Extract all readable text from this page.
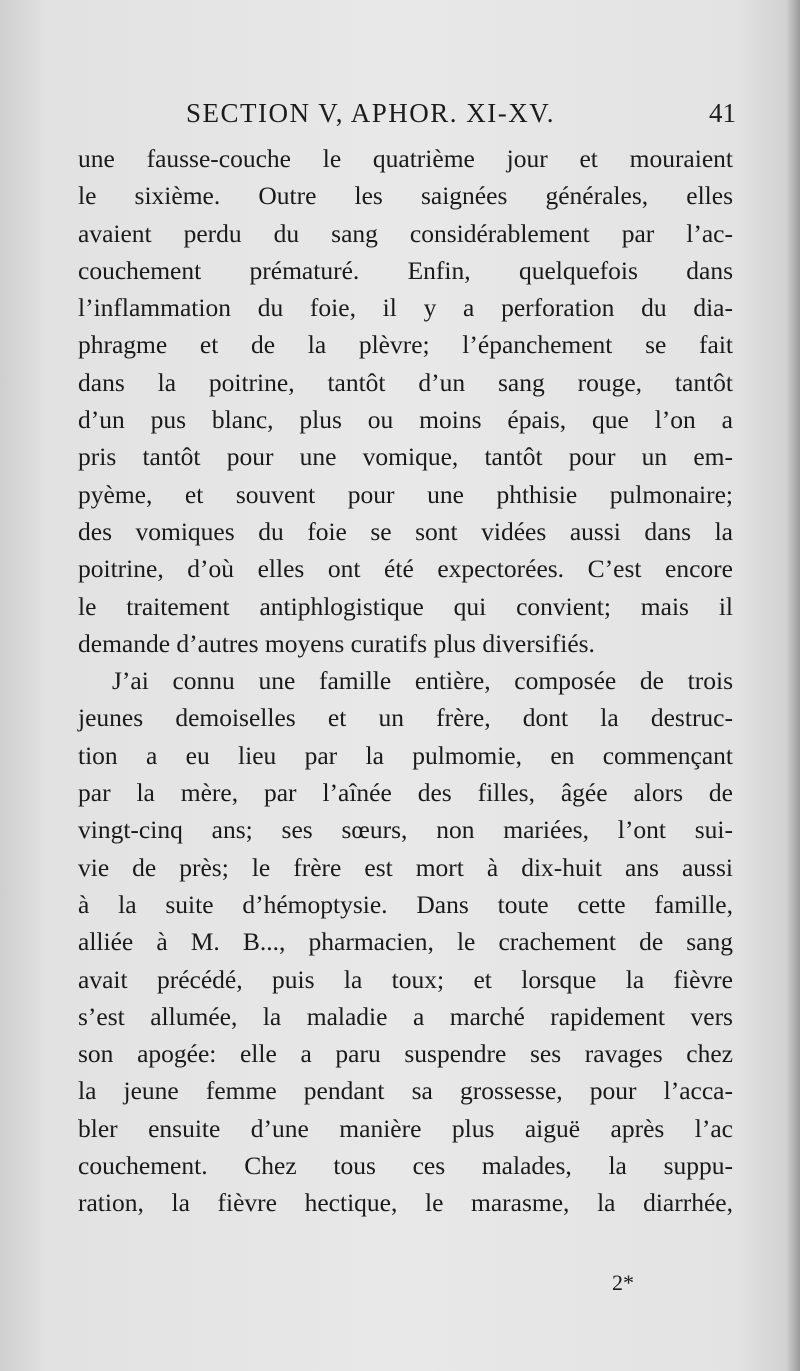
SECTION V, APHOR. XI-XV.	41
une fausse-couche le quatrième jour et mouraient
le sixième. Outre les saignées générales, elles
avaient perdu du sang considérablement par l’ac-
couchement prématuré. Enfin, quelquefois dans
l’inflammation du foie, il y a perforation du dia-
phragme et de la plèvre; l’épanchement se fait
dans la poitrine, tantôt d’un sang rouge, tantôt
d’un pus blanc, plus ou moins épais, que l’on a
pris tantôt pour une vomique, tantôt pour un em-
pyème, et souvent pour une phthisie pulmonaire;
des vomiques du foie se sont vidées aussi dans la
poitrine, d’où elles ont été expectorées. C’est encore
le traitement antiphlogistique qui convient; mais il
demande d’autres moyens curatifs plus diversifiés.
J’ai connu une famille entière, composée de trois
jeunes demoiselles et un frère, dont la destruc-
tion a eu lieu par la pulmomie, en commençant
par la mère, par l’aînée des filles, âgée alors de
vingt-cinq ans; ses sœurs, non mariées, l’ont sui-
vie de près; le frère est mort à dix-huit ans aussi
à la suite d’hémoptysie. Dans toute cette famille,
alliée à M. B..., pharmacien, le crachement de sang
avait précédé, puis la toux; et lorsque la fièvre
s’est allumée, la maladie a marché rapidement vers
son apogée: elle a paru suspendre ses ravages chez
la jeune femme pendant sa grossesse, pour l’acca-
bler ensuite d’une manière plus aiguë après l’ac
couchement. Chez tous ces malades, la suppu-
ration, la fièvre hectique, le marasme, la diarrhée,
2*
